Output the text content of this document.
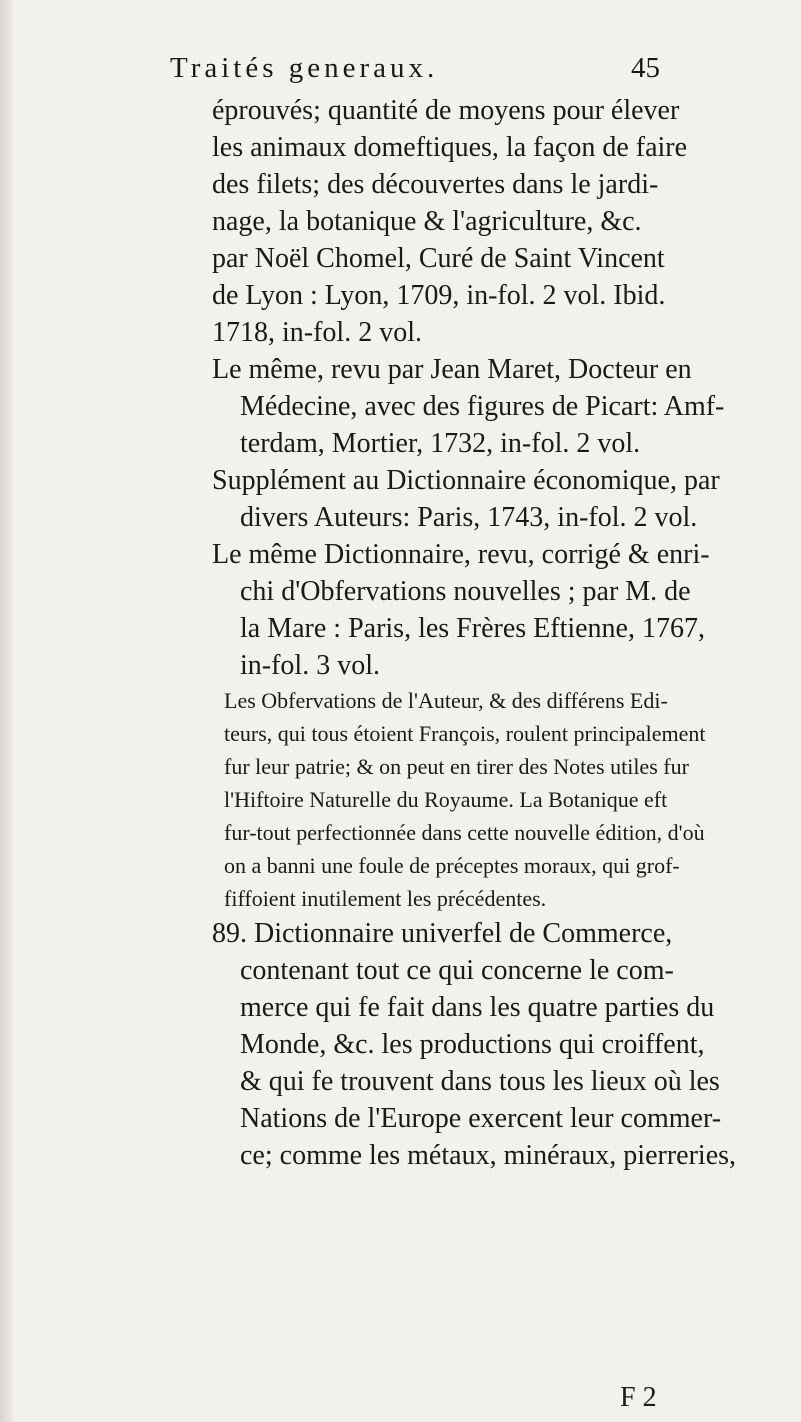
Traités generaux.	45
éprouvés; quantité de moyens pour élever
les animaux domeftiques, la façon de faire
des filets; des découvertes dans le jardi-
nage, la botanique & l'agriculture, &c.
par Noël Chomel, Curé de Saint Vincent
de Lyon : Lyon, 1709, in-fol. 2 vol. Ibid.
1718, in-fol. 2 vol.
Le même, revu par Jean Maret, Docteur en
Médecine, avec des figures de Picart: Amf-
terdam, Mortier, 1732, in-fol. 2 vol.
Supplément au Dictionnaire économique, par
divers Auteurs: Paris, 1743, in-fol. 2 vol.
Le même Dictionnaire, revu, corrigé & enri-
chi d'Obfervations nouvelles ; par M. de
la Mare : Paris, les Frères Eftienne, 1767,
in-fol. 3 vol.
Les Obfervations de l'Auteur, & des différens Edi-
teurs, qui tous étoient François, roulent principalement
fur leur patrie; & on peut en tirer des Notes utiles fur
l'Hiftoire Naturelle du Royaume. La Botanique eft
fur-tout perfectionnée dans cette nouvelle édition, d'où
on a banni une foule de préceptes moraux, qui grof-
fiffoient inutilement les précédentes.
89. Dictionnaire univerfel de Commerce,
contenant tout ce qui concerne le com-
merce qui fe fait dans les quatre parties du
Monde, &c. les productions qui croiffent,
& qui fe trouvent dans tous les lieux où les
Nations de l'Europe exercent leur commer-
ce; comme les métaux, minéraux, pierreries,
F 2
